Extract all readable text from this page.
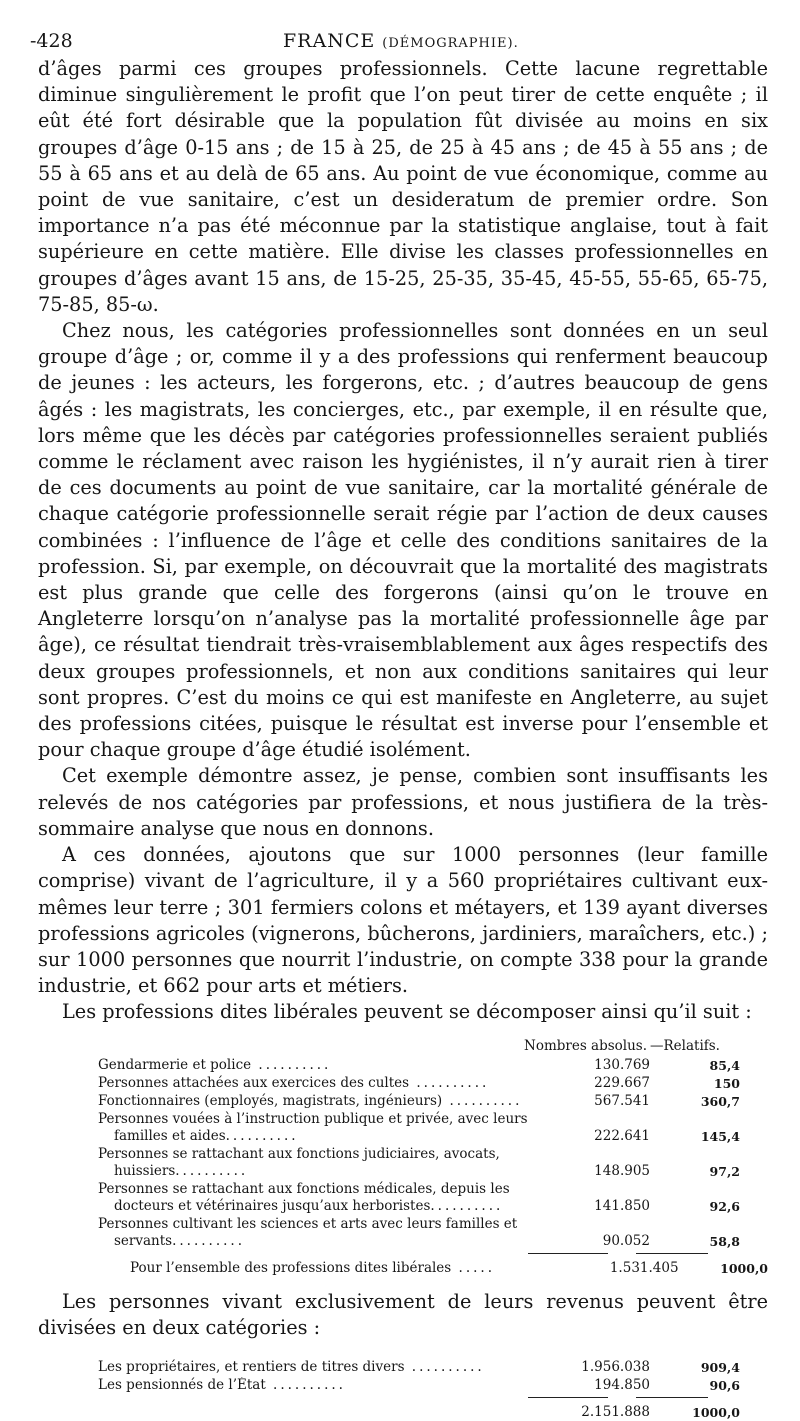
-428	FRANCE (DÉMOGRAPHIE).

d’âges parmi ces groupes professionnels. Cette lacune regrettable diminue singulièrement le profit que l’on peut tirer de cette enquête ; il eût été fort désirable que la population fût divisée au moins en six groupes d’âge 0-15 ans ; de 15 à 25, de 25 à 45 ans ; de 45 à 55 ans ; de 55 à 65 ans et au delà de 65 ans. Au point de vue économique, comme au point de vue sanitaire, c’est un desideratum de premier ordre. Son importance n’a pas été méconnue par la statistique anglaise, tout à fait supérieure en cette matière. Elle divise les classes professionnelles en groupes d’âges avant 15 ans, de 15-25, 25-35, 35-45, 45-55, 55-65, 65-75, 75-85, 85-ω.

Chez nous, les catégories professionnelles sont données en un seul groupe d’âge ; or, comme il y a des professions qui renferment beaucoup de jeunes : les acteurs, les forgerons, etc. ; d’autres beaucoup de gens âgés : les magistrats, les concierges, etc., par exemple, il en résulte que, lors même que les décès par catégories professionnelles seraient publiés comme le réclament avec raison les hygiénistes, il n’y aurait rien à tirer de ces documents au point de vue sanitaire, car la mortalité générale de chaque catégorie professionnelle serait régie par l’action de deux causes combinées : l’influence de l’âge et celle des conditions sanitaires de la profession. Si, par exemple, on découvrait que la mortalité des magistrats est plus grande que celle des forgerons (ainsi qu’on le trouve en Angleterre lorsqu’on n’analyse pas la mortalité professionnelle âge par âge), ce résultat tiendrait très-vraisemblablement aux âges respectifs des deux groupes professionnels, et non aux conditions sanitaires qui leur sont propres. C’est du moins ce qui est manifeste en Angleterre, au sujet des professions citées, puisque le résultat est inverse pour l’ensemble et pour chaque groupe d’âge étudié isolément.

Cet exemple démontre assez, je pense, combien sont insuffisants les relevés de nos catégories par professions, et nous justifiera de la très-sommaire analyse que nous en donnons.

A ces données, ajoutons que sur 1000 personnes (leur famille comprise) vivant de l’agriculture, il y a 560 propriétaires cultivant eux-mêmes leur terre ; 301 fermiers colons et métayers, et 139 ayant diverses professions agricoles (vignerons, bûcherons, jardiniers, maraîchers, etc.) ; sur 1000 personnes que nourrit l’industrie, on compte 338 pour la grande industrie, et 662 pour arts et métiers.

Les professions dites libérales peuvent se décomposer ainsi qu’il suit :

Nombres absolus. —Relatifs.
Gendarmerie et police ..........	130.769	85,4
Personnes attachées aux exercices des cultes ..........	229.667	150
Fonctionnaires (employés, magistrats, ingénieurs) ..........	567.541	360,7
Personnes vouées à l’instruction publique et privée, avec leurs
familles et aides..........	222.641	145,4
Personnes se rattachant aux fonctions judiciaires, avocats,
huissiers..........	148.905	97,2
Personnes se rattachant aux fonctions médicales, depuis les
docteurs et vétérinaires jusqu’aux herboristes..........	141.850	92,6
Personnes cultivant les sciences et arts avec leurs familles et
servants..........	90.052	58,8
Pour l’ensemble des professions dites libérales .....	1.531.405	1000,0

Les personnes vivant exclusivement de leurs revenus peuvent être divisées en deux catégories :

Les propriétaires, et rentiers de titres divers ..........	1.956.038	909,4
Les pensionnés de l’État ..........	194.850	90,6
2.151.888	1000,0
